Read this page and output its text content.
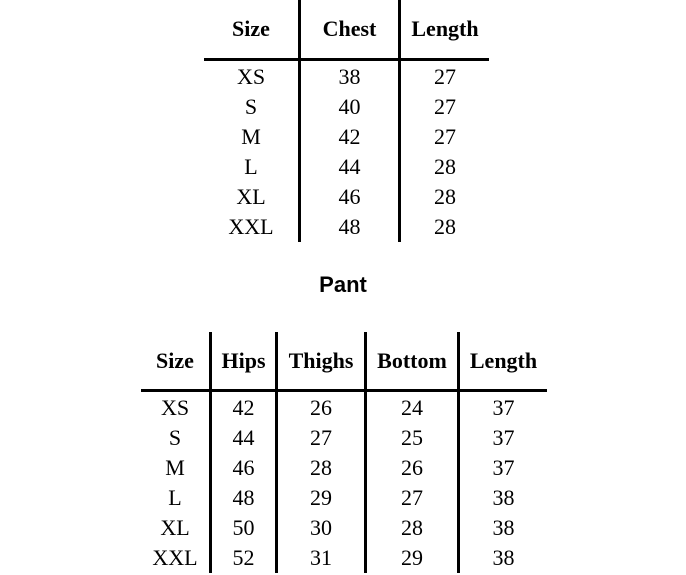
Size	Chest	Length
XS	38	27
S	40	27
M	42	27
L	44	28
XL	46	28
XXL	48	28
Pant
Size	Hips	Thighs	Bottom	Length
XS	42	26	24	37
S	44	27	25	37
M	46	28	26	37
L	48	29	27	38
XL	50	30	28	38
XXL	52	31	29	38
